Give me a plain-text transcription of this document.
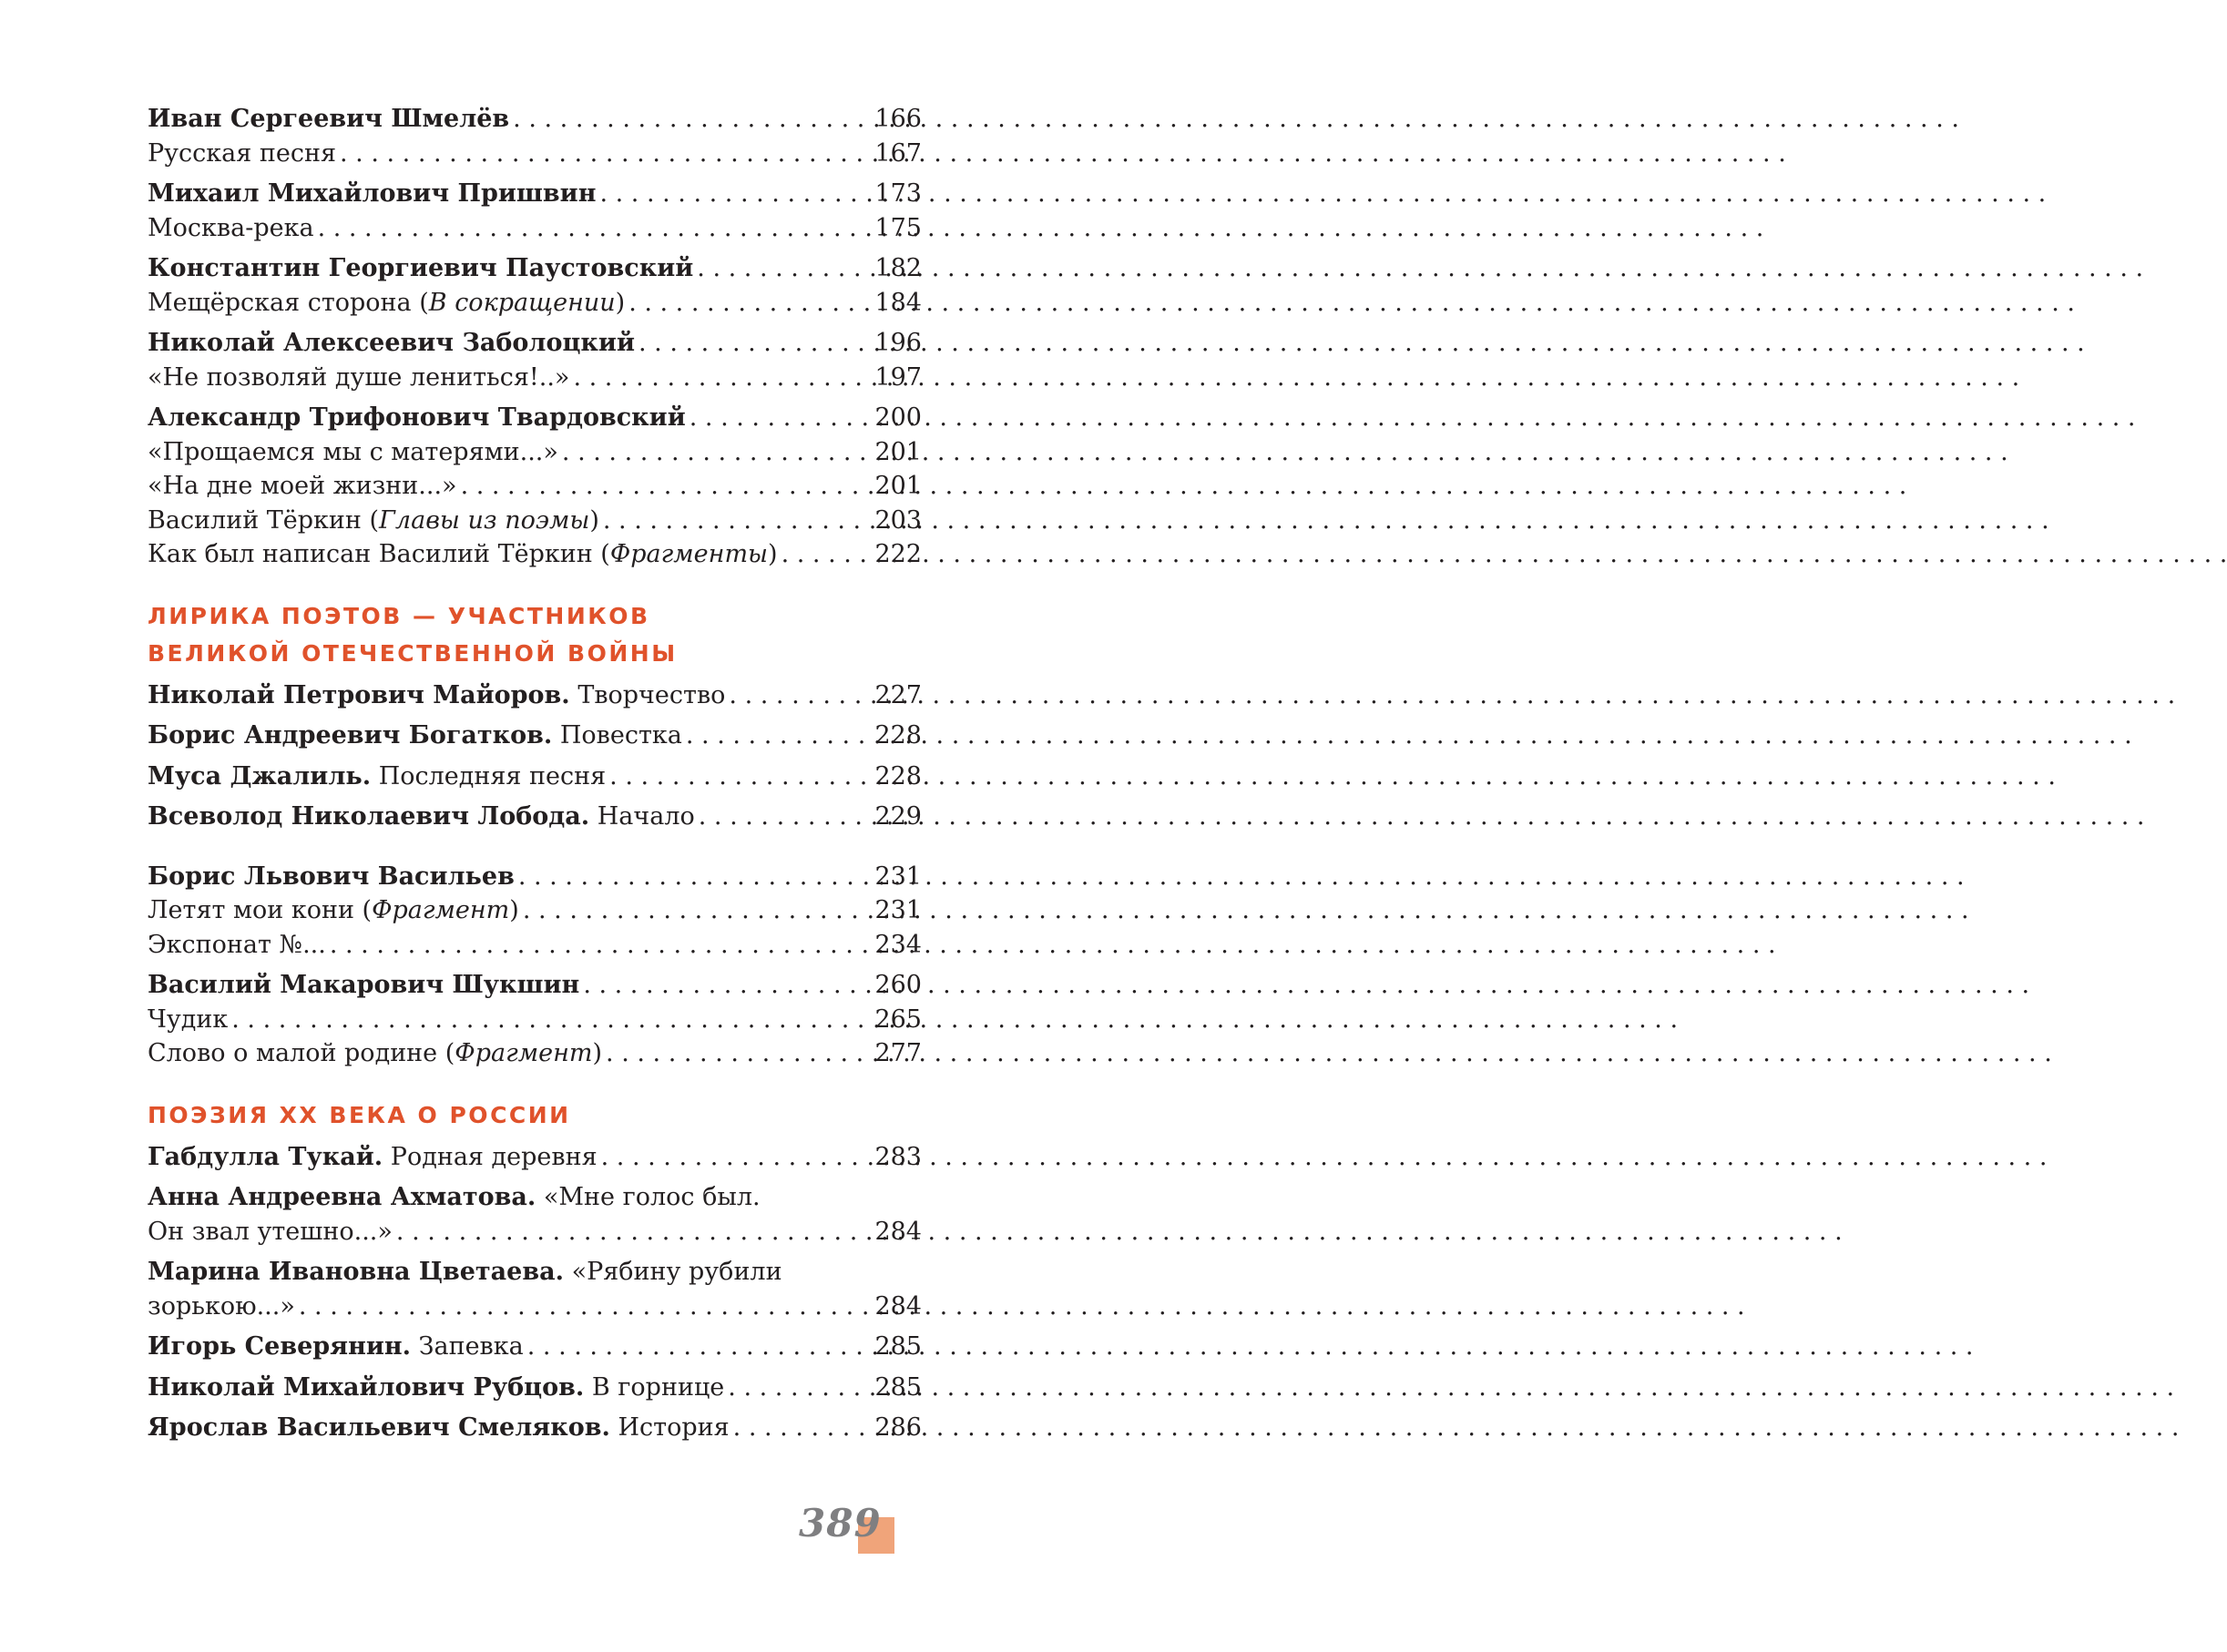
Иван Сергеевич Шмелёв . . .	166
Русская песня . . .	167
Михаил Михайлович Пришвин . . .	173
Москва-река . . .	175
Константин Георгиевич Паустовский . . .	182
Мещёрская сторона (В сокращении) . . .	184
Николай Алексеевич Заболоцкий . . .	196
«Не позволяй душе лениться!..» . . .	197
Александр Трифонович Твардовский . . .	200
«Прощаемся мы с матерями...» . . .	201
«На дне моей жизни...» . . .	201
Василий Тёркин (Главы из поэмы) . . .	203
Как был написан Василий Тёркин (Фрагменты) . . .	222
ЛИРИКА ПОЭТОВ — УЧАСТНИКОВ
ВЕЛИКОЙ ОТЕЧЕСТВЕННОЙ ВОЙНЫ
Николай Петрович Майоров. Творчество . . .	227
Борис Андреевич Богатков. Повестка . . .	228
Муса Джалиль. Последняя песня . . .	228
Всеволод Николаевич Лобода. Начало . . .	229
Борис Львович Васильев . . .	231
Летят мои кони (Фрагмент) . . .	231
Экспонат №... . . .	234
Василий Макарович Шукшин . . .	260
Чудик . . .	265
Слово о малой родине (Фрагмент) . . .	277
ПОЭЗИЯ XX ВЕКА О РОССИИ
Габдулла Тукай. Родная деревня . . .	283
Анна Андреевна Ахматова. «Мне голос был.
Он звал утешно...» . . .	284
Марина Ивановна Цветаева. «Рябину рубили
зорькою...» . . .	284
Игорь Северянин. Запевка . . .	285
Николай Михайлович Рубцов. В горнице . . .	285
Ярослав Васильевич Смеляков. История . . .	286
389
